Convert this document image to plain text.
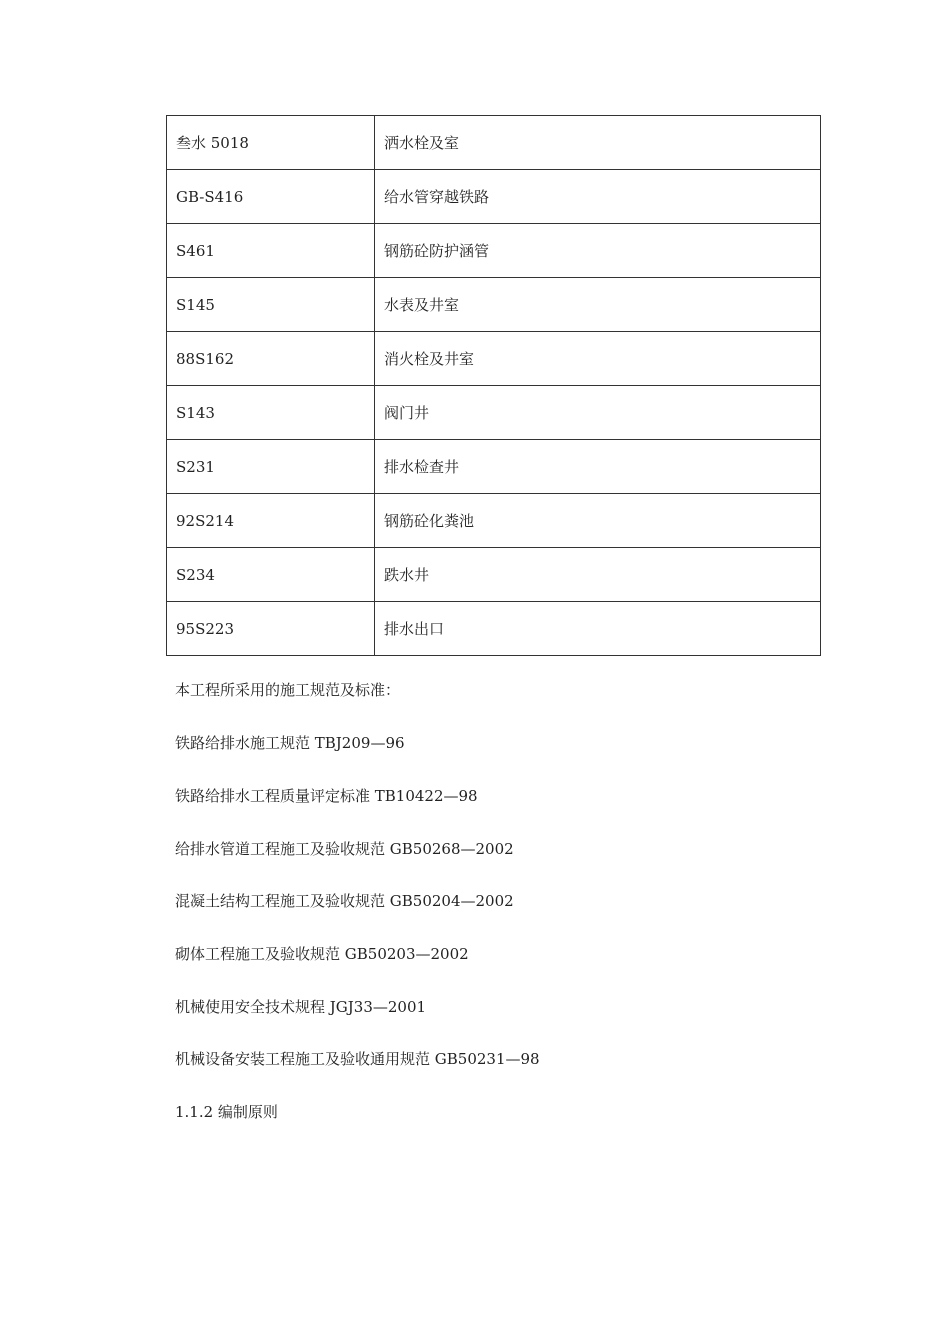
叁水 5018	洒水栓及室
GB-S416	给水管穿越铁路
S461	钢筋砼防护涵管
S145	水表及井室
88S162	消火栓及井室
S143	阀门井
S231	排水检查井
92S214	钢筋砼化粪池
S234	跌水井
95S223	排水出口
本工程所采用的施工规范及标准：
铁路给排水施工规范 TBJ209—96
铁路给排水工程质量评定标准 TB10422—98
给排水管道工程施工及验收规范 GB50268—2002
混凝土结构工程施工及验收规范 GB50204—2002
砌体工程施工及验收规范 GB50203—2002
机械使用安全技术规程 JGJ33—2001
机械设备安装工程施工及验收通用规范 GB50231—98
1.1.2 编制原则
